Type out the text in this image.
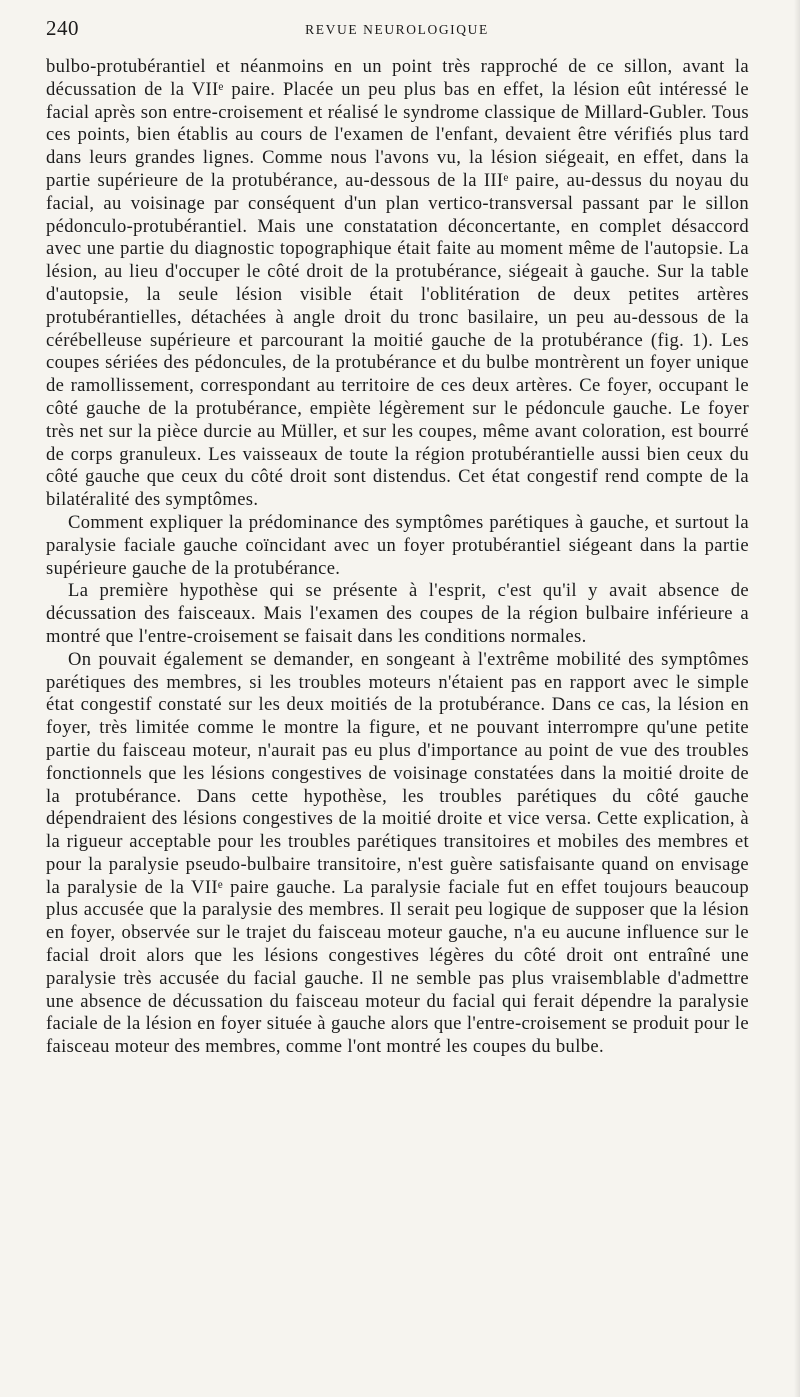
240	REVUE NEUROLOGIQUE

bulbo-protubérantiel et néanmoins en un point très rapproché de ce sillon, avant la décussation de la VIIᵉ paire. Placée un peu plus bas en effet, la lésion eût intéressé le facial après son entre-croisement et réalisé le syndrome classique de Millard-Gubler. Tous ces points, bien établis au cours de l'examen de l'enfant, devaient être vérifiés plus tard dans leurs grandes lignes. Comme nous l'avons vu, la lésion siégeait, en effet, dans la partie supérieure de la protubérance, au-dessous de la IIIᵉ paire, au-dessus du noyau du facial, au voisinage par conséquent d'un plan vertico-transversal passant par le sillon pédonculo-protubérantiel. Mais une constatation déconcertante, en complet désaccord avec une partie du diagnostic topographique était faite au moment même de l'autopsie. La lésion, au lieu d'occuper le côté droit de la protubérance, siégeait à gauche. Sur la table d'autopsie, la seule lésion visible était l'oblitération de deux petites artères protubérantielles, détachées à angle droit du tronc basilaire, un peu au-dessous de la cérébelleuse supérieure et parcourant la moitié gauche de la protubérance (fig. 1). Les coupes sériées des pédoncules, de la protubérance et du bulbe montrèrent un foyer unique de ramollissement, correspondant au territoire de ces deux artères. Ce foyer, occupant le côté gauche de la protubérance, empiète légèrement sur le pédoncule gauche. Le foyer très net sur la pièce durcie au Müller, et sur les coupes, même avant coloration, est bourré de corps granuleux. Les vaisseaux de toute la région protubérantielle aussi bien ceux du côté gauche que ceux du côté droit sont distendus. Cet état congestif rend compte de la bilatéralité des symptômes.

Comment expliquer la prédominance des symptômes parétiques à gauche, et surtout la paralysie faciale gauche coïncidant avec un foyer protubérantiel siégeant dans la partie supérieure gauche de la protubérance.

La première hypothèse qui se présente à l'esprit, c'est qu'il y avait absence de décussation des faisceaux. Mais l'examen des coupes de la région bulbaire inférieure a montré que l'entre-croisement se faisait dans les conditions normales.

On pouvait également se demander, en songeant à l'extrême mobilité des symptômes parétiques des membres, si les troubles moteurs n'étaient pas en rapport avec le simple état congestif constaté sur les deux moitiés de la protubérance. Dans ce cas, la lésion en foyer, très limitée comme le montre la figure, et ne pouvant interrompre qu'une petite partie du faisceau moteur, n'aurait pas eu plus d'importance au point de vue des troubles fonctionnels que les lésions congestives de voisinage constatées dans la moitié droite de la protubérance. Dans cette hypothèse, les troubles parétiques du côté gauche dépendraient des lésions congestives de la moitié droite et vice versa. Cette explication, à la rigueur acceptable pour les troubles parétiques transitoires et mobiles des membres et pour la paralysie pseudo-bulbaire transitoire, n'est guère satisfaisante quand on envisage la paralysie de la VIIᵉ paire gauche. La paralysie faciale fut en effet toujours beaucoup plus accusée que la paralysie des membres. Il serait peu logique de supposer que la lésion en foyer, observée sur le trajet du faisceau moteur gauche, n'a eu aucune influence sur le facial droit alors que les lésions congestives légères du côté droit ont entraîné une paralysie très accusée du facial gauche. Il ne semble pas plus vraisemblable d'admettre une absence de décussation du faisceau moteur du facial qui ferait dépendre la paralysie faciale de la lésion en foyer située à gauche alors que l'entre-croisement se produit pour le faisceau moteur des membres, comme l'ont montré les coupes du bulbe.
